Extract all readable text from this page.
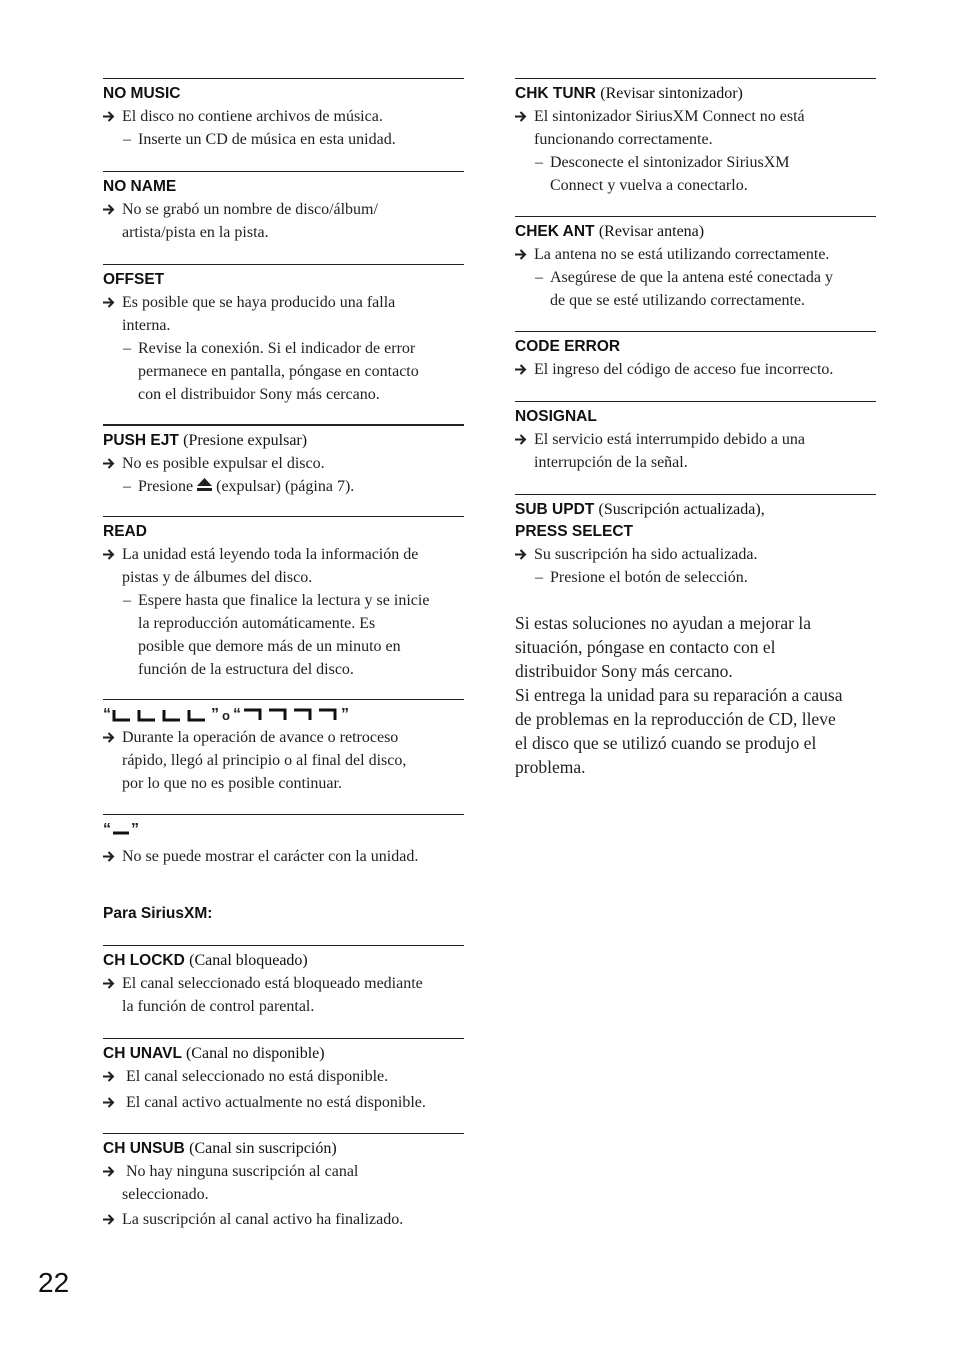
NO MUSIC
El disco no contiene archivos de música.
– Inserte un CD de música en esta unidad.
NO NAME
No se grabó un nombre de disco/álbum/
artista/pista en la pista.
OFFSET
Es posible que se haya producido una falla
interna.
– Revise la conexión. Si el indicador de error
permanece en pantalla, póngase en contacto
con el distribuidor Sony más cercano.
PUSH EJT (Presione expulsar)
No es posible expulsar el disco.
– Presione (expulsar) (página 7).
READ
La unidad está leyendo toda la información de
pistas y de álbumes del disco.
– Espere hasta que finalice la lectura y se inicie
la reproducción automáticamente. Es
posible que demore más de un minuto en
función de la estructura del disco.
“	” o “	”
Durante la operación de avance o retroceso
rápido, llegó al principio o al final del disco,
por lo que no es posible continuar.
“ ”
No se puede mostrar el carácter con la unidad.
Para SiriusXM:
CH LOCKD (Canal bloqueado)
El canal seleccionado está bloqueado mediante
la función de control parental.
CH UNAVL (Canal no disponible)
El canal seleccionado no está disponible.
El canal activo actualmente no está disponible.
CH UNSUB (Canal sin suscripción)
No hay ninguna suscripción al canal
seleccionado.
La suscripción al canal activo ha finalizado.
CHK TUNR (Revisar sintonizador)
El sintonizador SiriusXM Connect no está
funcionando correctamente.
– Desconecte el sintonizador SiriusXM
Connect y vuelva a conectarlo.
CHEK ANT (Revisar antena)
La antena no se está utilizando correctamente.
– Asegúrese de que la antena esté conectada y
de que se esté utilizando correctamente.
CODE ERROR
El ingreso del código de acceso fue incorrecto.
NOSIGNAL
El servicio está interrumpido debido a una
interrupción de la señal.
SUB UPDT (Suscripción actualizada),
PRESS SELECT
Su suscripción ha sido actualizada.
– Presione el botón de selección.
Si estas soluciones no ayudan a mejorar la
situación, póngase en contacto con el
distribuidor Sony más cercano.
Si entrega la unidad para su reparación a causa
de problemas en la reproducción de CD, lleve
el disco que se utilizó cuando se produjo el
problema.
22
